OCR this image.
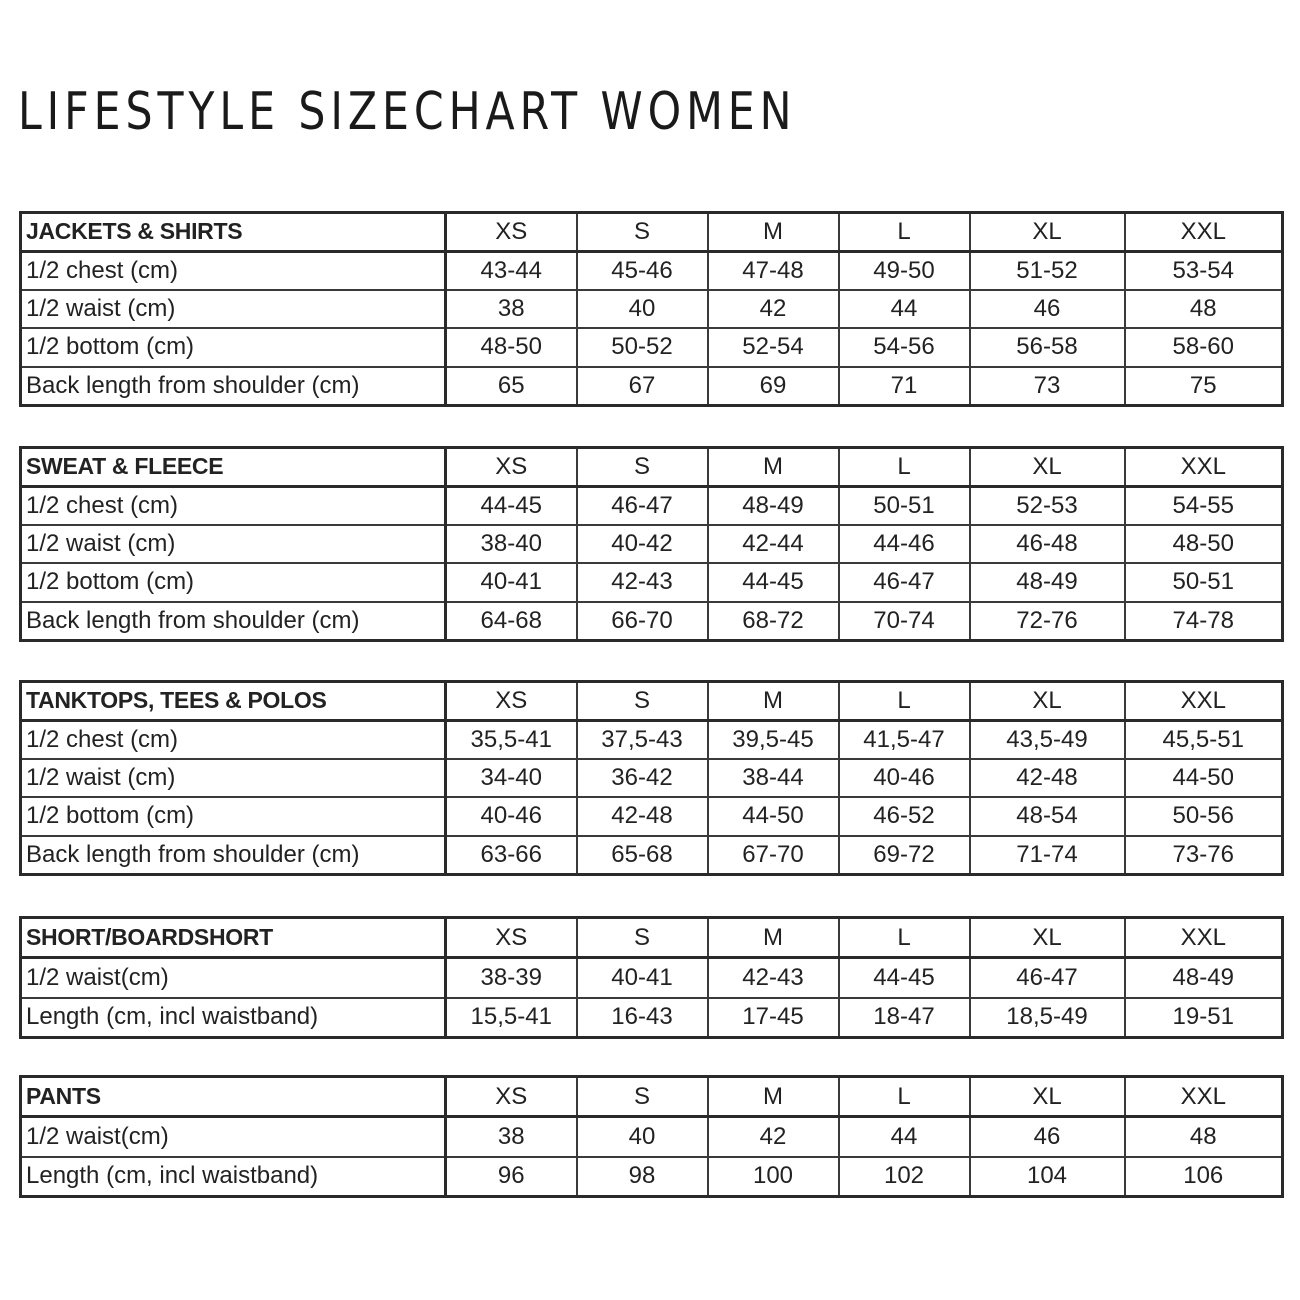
LIFESTYLE SIZECHART WOMEN
JACKETS & SHIRTS	XS	S	M	L	XL	XXL
1/2 chest (cm)	43-44	45-46	47-48	49-50	51-52	53-54
1/2 waist (cm)	38	40	42	44	46	48
1/2 bottom (cm)	48-50	50-52	52-54	54-56	56-58	58-60
Back length from shoulder (cm)	65	67	69	71	73	75
SWEAT & FLEECE	XS	S	M	L	XL	XXL
1/2 chest (cm)	44-45	46-47	48-49	50-51	52-53	54-55
1/2 waist (cm)	38-40	40-42	42-44	44-46	46-48	48-50
1/2 bottom (cm)	40-41	42-43	44-45	46-47	48-49	50-51
Back length from shoulder (cm)	64-68	66-70	68-72	70-74	72-76	74-78
TANKTOPS, TEES & POLOS	XS	S	M	L	XL	XXL
1/2 chest (cm)	35,5-41	37,5-43	39,5-45	41,5-47	43,5-49	45,5-51
1/2 waist (cm)	34-40	36-42	38-44	40-46	42-48	44-50
1/2 bottom (cm)	40-46	42-48	44-50	46-52	48-54	50-56
Back length from shoulder (cm)	63-66	65-68	67-70	69-72	71-74	73-76
SHORT/BOARDSHORT	XS	S	M	L	XL	XXL
1/2 waist(cm)	38-39	40-41	42-43	44-45	46-47	48-49
Length (cm, incl waistband)	15,5-41	16-43	17-45	18-47	18,5-49	19-51
PANTS	XS	S	M	L	XL	XXL
1/2 waist(cm)	38	40	42	44	46	48
Length (cm, incl waistband)	96	98	100	102	104	106
